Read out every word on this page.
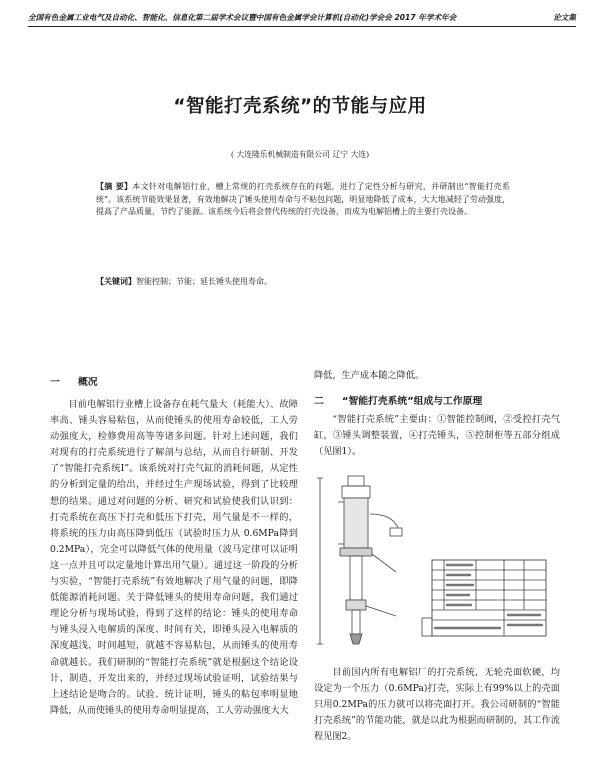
全国有色金属工业电气及自动化、智能化、信息化第二届学术会议暨中国有色金属学会计算机(自动化)学会会 2017 年学术年会	论文集
“智能打壳系统”的节能与应用
( 大连隆乐机械制造有限公司 辽宁 大连)
【摘 要】本文针对电解铝行业，槽上常规的打壳系统存在的问题，进行了定性分析与研究，并研制出“智能打壳系统”。该系统节能效果显著，有效地解决了锤头使用寿命与不粘包问题，明显地降低了成本，大大地减轻了劳动强度，提高了产品质量，节约了能源。该系统今后将会替代传统的打壳设备，而成为电解铝槽上的主要打壳设备。
【关键词】智能控制；节能；延长锤头使用寿命。
一 概况

目前电解铝行业槽上设备存在耗气量大（耗能大）、故障率高、锤头容易粘包，从而使锤头的使用寿命较低，工人劳动强度大，检修费用高等等诸多问题。针对上述问题，我们对现有的打壳系统进行了解剖与总结，从而自行研制、开发了“智能打壳系统Ⅰ”。该系统对打壳气缸的消耗问题，从定性的分析到定量的给出，并经过生产现场试验，得到了比较理想的结果。通过对问题的分析、研究和试验使我们认识到：打壳系统在高压下打壳和低压下打壳，用气量是不一样的，将系统的压力由高压降到低压（试验时压力从 0.6MPa降到0.2MPa），完全可以降低气体的使用量（波马定律可以证明这一点并且可以定量地计算出用气量）。通过这一阶段的分析与实验，“智能打壳系统”有效地解决了用气量的问题，即降低能源消耗问题。关于降低锤头的使用寿命问题，我们通过理论分析与现场试验，得到了这样的结论：锤头的使用寿命与锤头浸入电解质的深度、时间有关，即锤头浸入电解质的深度越浅，时间越短，就越不容易粘包，从而锤头的使用寿命就越长。我们研制的“智能打壳系统”就是根据这个结论设计、制造、开发出来的，并经过现场试验证明，试验结果与上述结论是吻合的。试验、统计证明，锤头的粘包率明显地降低，从而使锤头的使用寿命明显提高，工人劳动强度大大

降低，生产成本随之降低。

二 “智能打壳系统”组成与工作原理

“智能打壳系统”主要由：①智能控制阀，②受控打壳气缸，③锤头调整装置，④打壳锤头，⑤控制柜等五部分组成（见图1）。

目前国内所有电解铝厂的打壳系统，无轮壳面软硬，均设定为一个压力（0.6MPa)打壳，实际上有99%以上的壳面只用0.2MPa的压力就可以将壳面打开。我公司研制的“智能打壳系统”的节能功能，就是以此为根据而研制的，其工作流程见图2。
